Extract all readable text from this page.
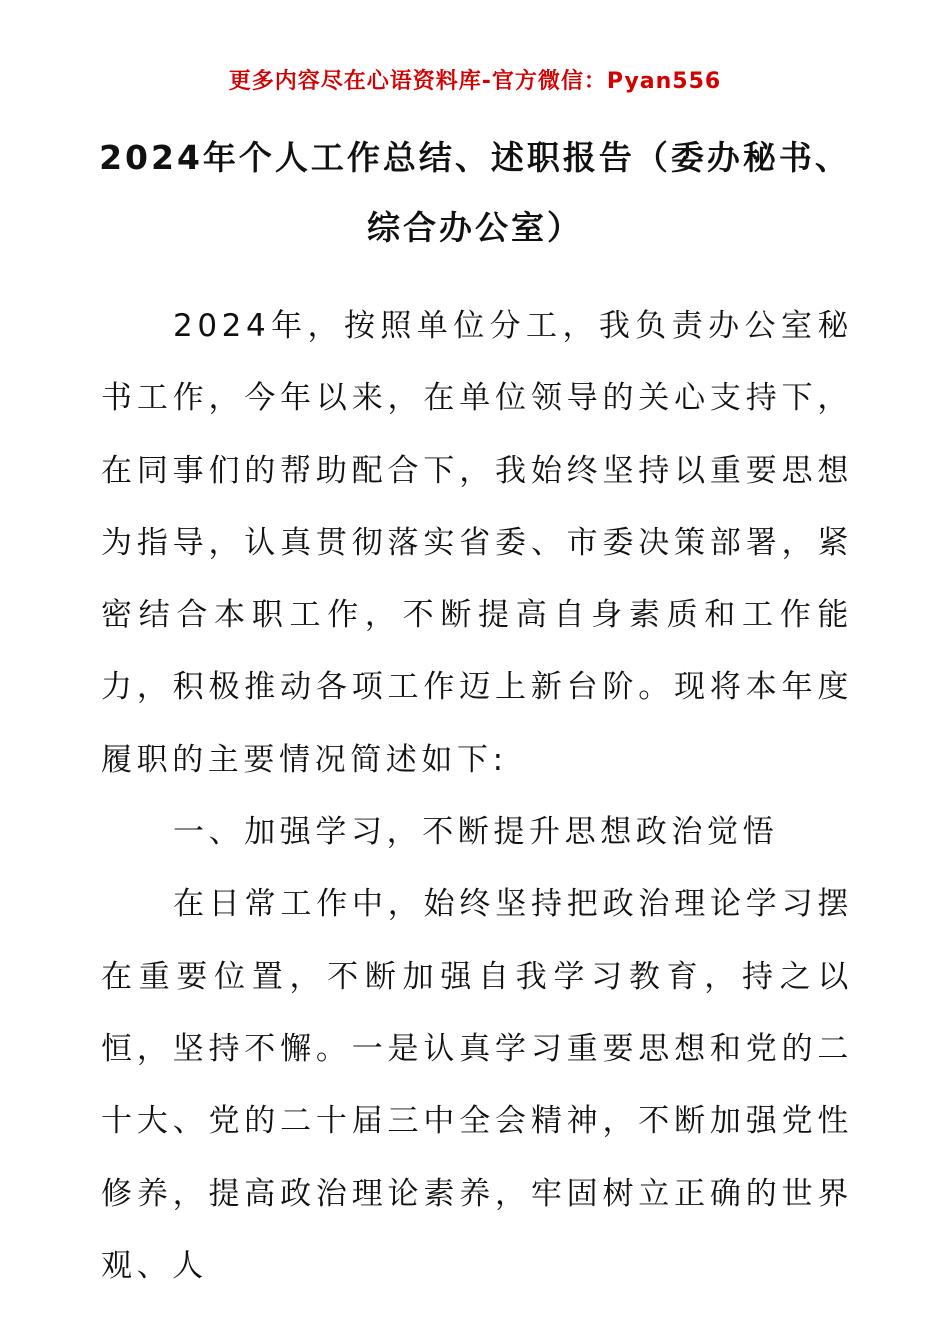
更多内容尽在心语资料库-官方微信：Pyan556
2024年个人工作总结、述职报告（委办秘书、
综合办公室）

2024年，按照单位分工，我负责办公室秘书工作，今年以来，在单位领导的关心支持下，在同事们的帮助配合下，我始终坚持以重要思想为指导，认真贯彻落实省委、市委决策部署，紧密结合本职工作，不断提高自身素质和工作能力，积极推动各项工作迈上新台阶。现将本年度履职的主要情况简述如下:

一、加强学习，不断提升思想政治觉悟

在日常工作中，始终坚持把政治理论学习摆在重要位置，不断加强自我学习教育，持之以恒，坚持不懈。一是认真学习重要思想和党的二十大、党的二十届三中全会精神，不断加强党性修养，提高政治理论素养，牢固树立正确的世界观、人
